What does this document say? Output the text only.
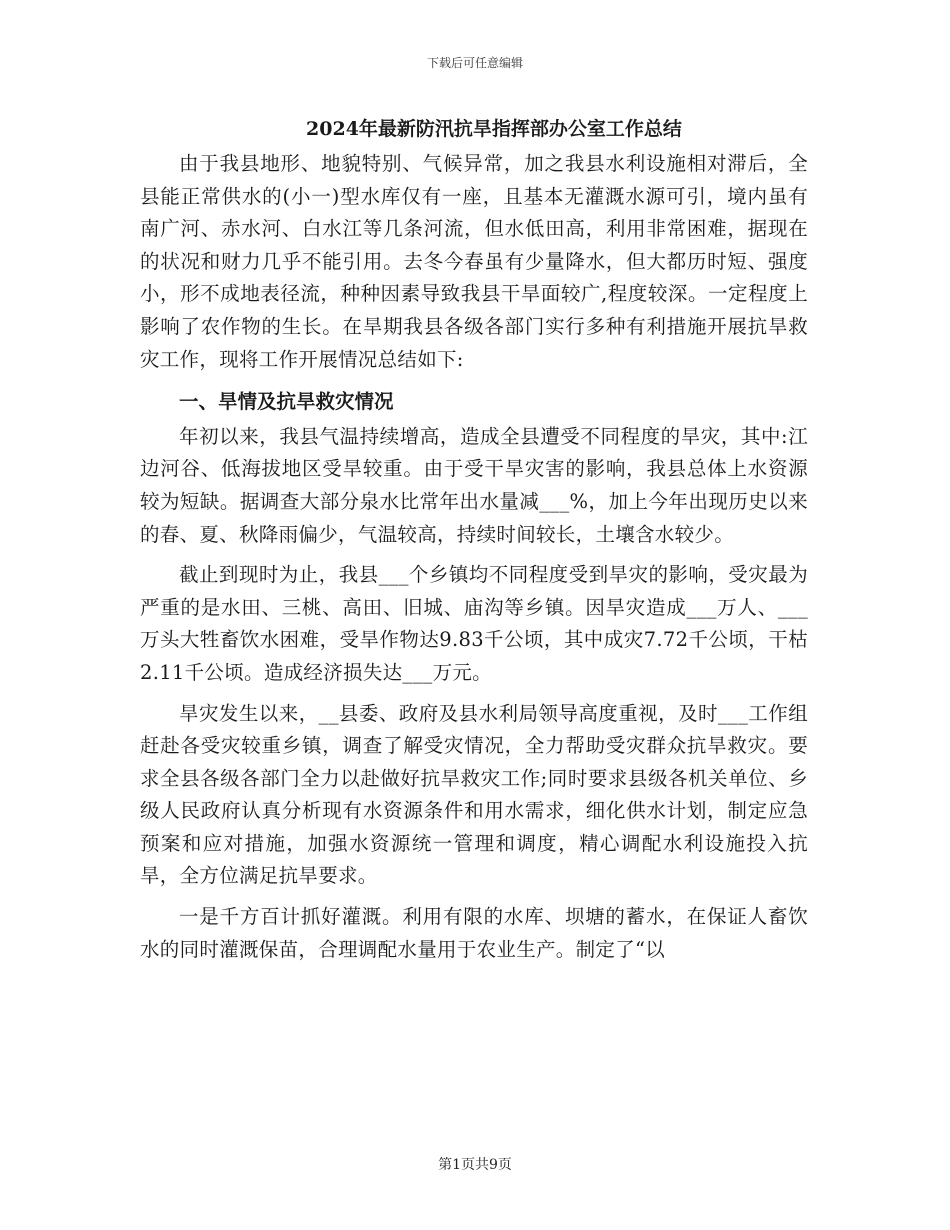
下载后可任意编辑
2024年最新防汛抗旱指挥部办公室工作总结

由于我县地形、地貌特别、气候异常，加之我县水利设施相对滞后，全县能正常供水的(小一)型水库仅有一座，且基本无灌溉水源可引，境内虽有南广河、赤水河、白水江等几条河流，但水低田高，利用非常困难，据现在的状况和财力几乎不能引用。去冬今春虽有少量降水，但大都历时短、强度小，形不成地表径流，种种因素导致我县干旱面较广,程度较深。一定程度上影响了农作物的生长。在旱期我县各级各部门实行多种有利措施开展抗旱救灾工作，现将工作开展情况总结如下:

一、旱情及抗旱救灾情况

年初以来，我县气温持续增高，造成全县遭受不同程度的旱灾，其中:江边河谷、低海拔地区受旱较重。由于受干旱灾害的影响，我县总体上水资源较为短缺。据调查大部分泉水比常年出水量减___%，加上今年出现历史以来的春、夏、秋降雨偏少，气温较高，持续时间较长，土壤含水较少。

截止到现时为止，我县___个乡镇均不同程度受到旱灾的影响，受灾最为严重的是水田、三桃、高田、旧城、庙沟等乡镇。因旱灾造成___万人、___万头大牲畜饮水困难，受旱作物达9.83千公顷，其中成灾7.72千公顷，干枯2.11千公顷。造成经济损失达___万元。

旱灾发生以来，__县委、政府及县水利局领导高度重视，及时___工作组赶赴各受灾较重乡镇，调查了解受灾情况，全力帮助受灾群众抗旱救灾。要求全县各级各部门全力以赴做好抗旱救灾工作;同时要求县级各机关单位、乡级人民政府认真分析现有水资源条件和用水需求，细化供水计划，制定应急预案和应对措施，加强水资源统一管理和调度，精心调配水利设施投入抗旱，全方位满足抗旱要求。

一是千方百计抓好灌溉。利用有限的水库、坝塘的蓄水，在保证人畜饮水的同时灌溉保苗，合理调配水量用于农业生产。制定了“以

第1页共9页
